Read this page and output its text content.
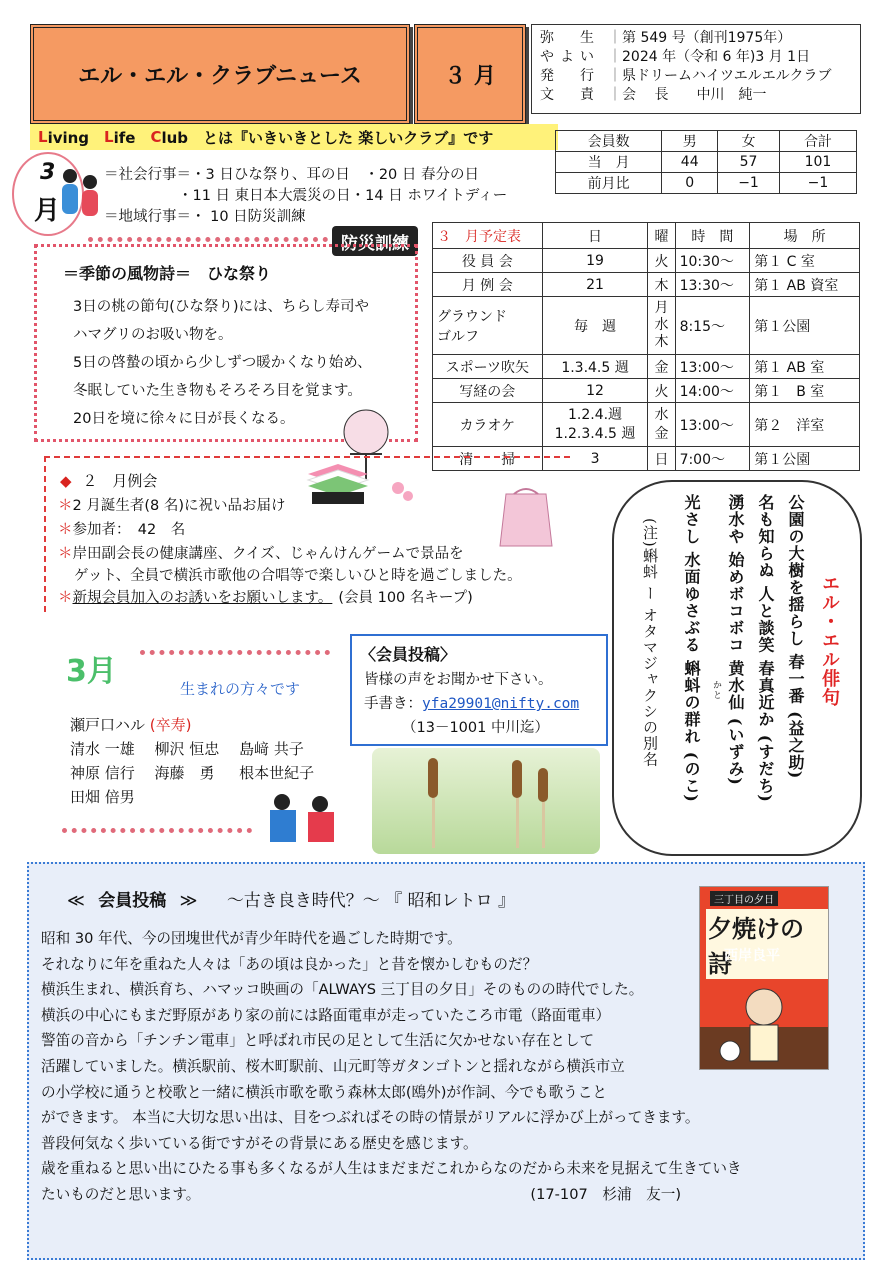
エル・エル・クラブニュース	３ 月
弥　生 ｜ 第 549 号（創刊1975年）
やよい ｜ 2024 年（令和 6 年)3 月 1日
発　行 ｜ 県ドリームハイツエルエルクラブ
文　責 ｜ 会　 長　　中川　純一
L iving　 L ife　 C lub　 とは『いきいきとした 楽しいクラブ』です	会員数	男	女	合計
当　月	44	57	101
前月比	0	−1	−1
3
月
＝社会行事＝・3 日ひな祭り、耳の日　・20 日 春分の日
・11 日 東日本大震災の日・14 日 ホワイトディー
＝地域行事＝・ 10 日防災訓練
防災訓練	３　月予定表	日	曜	時　間	場　所
役 員 会	19	火	10:30～	第１ C 室
月 例 会	21	木	13:30～	第１ AB 資室
グラウンド
ゴルフ	毎　週	月
水
木	8:15～	第１公園
スポーツ吹矢	1.3.4.5 週	金	13:00～	第１ AB 室
写経の会	12	火	14:00～	第１　B 室
カラオケ	1.2.4.週
1.2.3.4.5 週	水
金	13:00～	第２　洋室
清　　掃	3	日	7:00～	第１公園
＝季節の風物詩＝　ひな祭り
3日の桃の節句(ひな祭り)には、ちらし寿司や
ハマグリのお吸い物を。
5日の啓蟄の頃から少しずつ暖かくなり始め、
冬眠していた生き物もそろそろ目を覚ます。
20日を境に徐々に日が長くなる。
◆ ２　月例会
＊2 月誕生者(8 名)に祝い品お届け
＊参加者：　42　名
＊岸田副会長の健康講座、クイズ、じゃんけんゲームで景品を
ゲット、全員で横浜市歌他の合唱等で楽しいひと時を過ごしました。
＊新規会員加入のお誘いをお願いします。 (会員 100 名キープ)
3月	生まれの方々です
瀬戸口ハル (卒寿)
清水 一雄　 柳沢 恒忠 　島﨑 共子
神原 信行　 海藤　勇 　 根本世紀子
田畑 倍男
〈会員投稿〉
皆様の声をお聞かせ下さい。
手書き：yfa29901@nifty.com
（13－1001 中川迄）
エル・エル俳句
公園の大樹を揺らし 春一番 (益之助)
名も知らぬ 人と談笑 春真近か (すだち)
湧水や 始めボコボコ 黄水仙 (いずみ)
かと
光さし 水面ゆさぶる 蝌蚪の群れ (のこ)
(注)蝌蚪 ー オタマジャクシの別名
≪ 会員投稿 ≫ ～古き良き時代？～ 『 昭和レトロ 』

昭和 30 年代、今の団塊世代が青少年時代を過ごした時期です。

それなりに年を重ねた人々は「あの頃は良かった」と昔を懐かしむものだ？

横浜生まれ、横浜育ち、ハマッコ映画の「ALWAYS 三丁目の夕日」そのものの時代でした。

横浜の中心にもまだ野原があり家の前には路面電車が走っていたころ市電（路面電車）

警笛の音から「チンチン電車」と呼ばれ市民の足として生活に欠かせない存在として

活躍していました。横浜駅前、桜木町駅前、山元町等ガタンゴトンと揺れながら横浜市立

の小学校に通うと校歌と一緒に横浜市歌を歌う森林太郎(鴎外)が作詞、今でも歌うこと

ができます。 本当に大切な思い出は、目をつぶればその時の情景がリアルに浮かび上がってきます。

普段何気なく歩いている街ですがその背景にある歴史を感じます。

歳を重ねると思い出にひたる事も多くなるが人生はまだまだこれからなのだから未来を見据えて生きていき

たいものだと思います。	(17-107　杉浦　友一)

三丁目の夕日
夕焼けの詩
西岸良平
